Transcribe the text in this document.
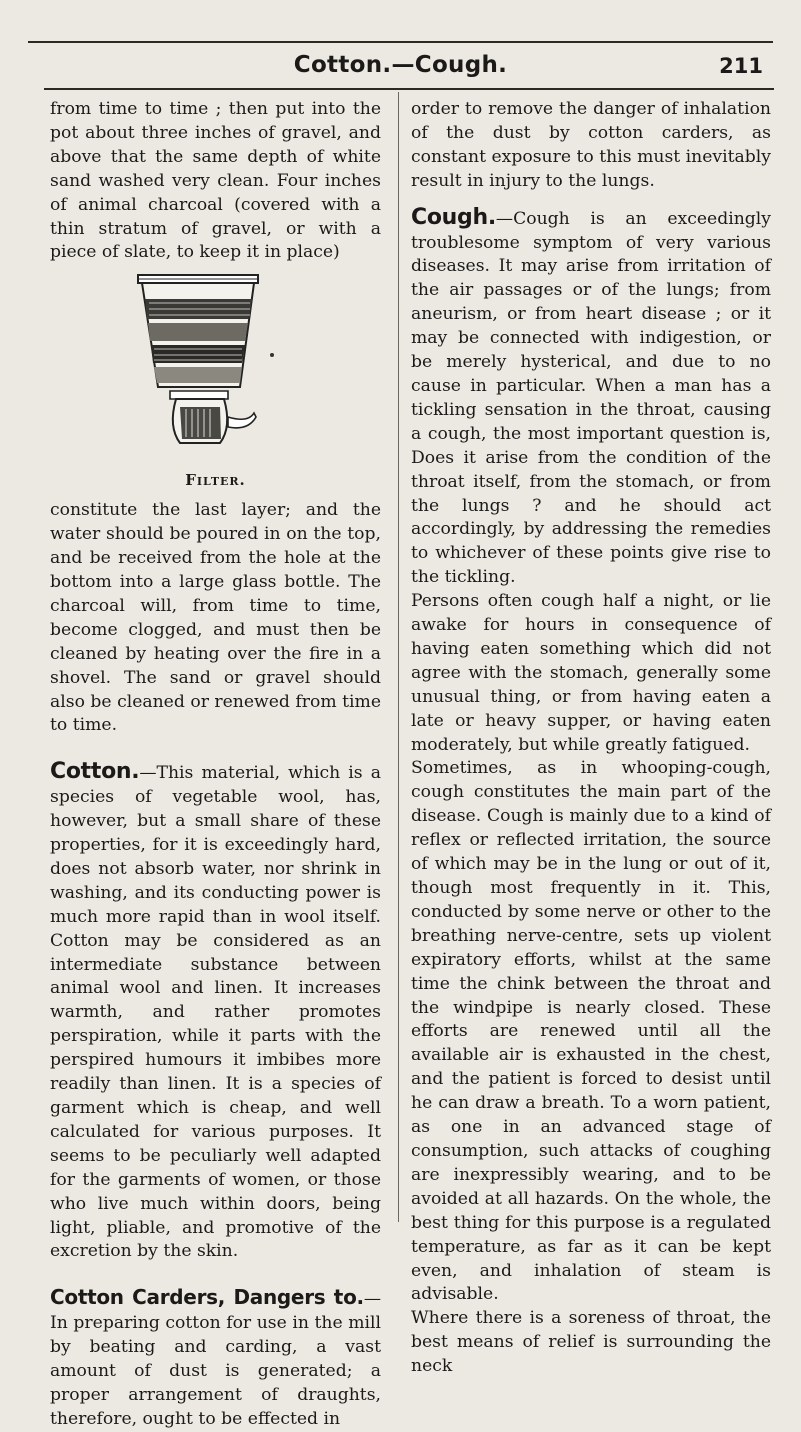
Cotton.—Cough.	211

from time to time ; then put into the pot about three inches of gravel, and above that the same depth of white sand washed very clean. Four inches of animal charcoal (covered with a thin stratum of gravel, or with a piece of slate, to keep it in place)

Filter.

constitute the last layer; and the water should be poured in on the top, and be received from the hole at the bottom into a large glass bottle. The charcoal will, from time to time, become clogged, and must then be cleaned by heating over the fire in a shovel. The sand or gravel should also be cleaned or renewed from time to time.

Cotton.—This material, which is a species of vegetable wool, has, however, but a small share of these properties, for it is exceedingly hard, does not absorb water, nor shrink in washing, and its conducting power is much more rapid than in wool itself. Cotton may be considered as an intermediate substance between animal wool and linen. It increases warmth, and rather promotes perspiration, while it parts with the perspired humours it imbibes more readily than linen. It is a species of garment which is cheap, and well calculated for various purposes. It seems to be peculiarly well adapted for the garments of women, or those who live much within doors, being light, pliable, and promotive of the excretion by the skin.

Cotton Carders, Dangers to.— In preparing cotton for use in the mill by beating and carding, a vast amount of dust is generated; a proper arrangement of draughts, therefore, ought to be effected in

order to remove the danger of inhalation of the dust by cotton carders, as constant exposure to this must inevitably result in injury to the lungs.

Cough.—Cough is an exceedingly troublesome symptom of very various diseases. It may arise from irritation of the air passages or of the lungs; from aneurism, or from heart disease ; or it may be connected with indigestion, or be merely hysterical, and due to no cause in particular. When a man has a tickling sensation in the throat, causing a cough, the most important question is, Does it arise from the condition of the throat itself, from the stomach, or from the lungs ? and he should act accordingly, by addressing the remedies to whichever of these points give rise to the tickling.

Persons often cough half a night, or lie awake for hours in consequence of having eaten something which did not agree with the stomach, generally some unusual thing, or from having eaten a late or heavy supper, or having eaten moderately, but while greatly fatigued.

Sometimes, as in whooping-cough, cough constitutes the main part of the disease. Cough is mainly due to a kind of reflex or reflected irritation, the source of which may be in the lung or out of it, though most frequently in it. This, conducted by some nerve or other to the breathing nerve-centre, sets up violent expiratory efforts, whilst at the same time the chink between the throat and the windpipe is nearly closed. These efforts are renewed until all the available air is exhausted in the chest, and the patient is forced to desist until he can draw a breath. To a worn patient, as one in an advanced stage of consumption, such attacks of coughing are inexpressibly wearing, and to be avoided at all hazards. On the whole, the best thing for this purpose is a regulated temperature, as far as it can be kept even, and inhalation of steam is advisable.

Where there is a soreness of throat, the best means of relief is surrounding the neck
